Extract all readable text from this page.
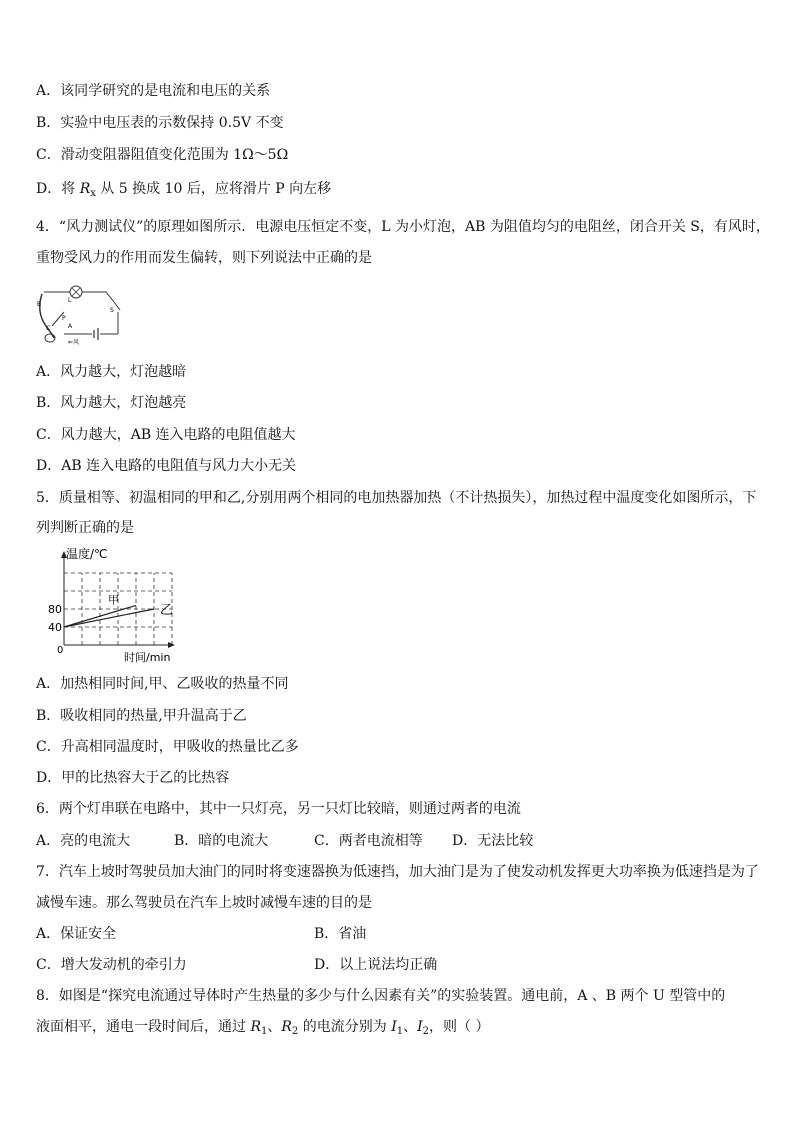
A．该同学研究的是电流和电压的关系
B．实验中电压表的示数保持 0.5V 不变
C．滑动变阻器阻值变化范围为 1Ω～5Ω
D．将 $R_x$ 从 5 换成 10 后，应将滑片 P 向左移
4．“风力测试仪”的原理如图所示．电源电压恒定不变，L 为小灯泡，AB 为阻值均匀的电阻丝，闭合开关 S，有风时，
重物受风力的作用而发生偏转，则下列说法中正确的是
B
L
S
P
C	A
⇐风
A．风力越大，灯泡越暗
B．风力越大，灯泡越亮
C．风力越大，AB 连入电路的电阻值越大
D．AB 连入电路的电阻值与风力大小无关
5．质量相等、初温相同的甲和乙,分别用两个相同的电加热器加热（不计热损失），加热过程中温度变化如图所示，下
列判断正确的是
温度/℃
时间/min
0
40
80
甲
乙
A．加热相同时间,甲、乙吸收的热量不同
B．吸收相同的热量,甲升温高于乙
C．升高相同温度时，甲吸收的热量比乙多
D．甲的比热容大于乙的比热容
6．两个灯串联在电路中，其中一只灯亮，另一只灯比较暗，则通过两者的电流
A．亮的电流大	B．暗的电流大	C．两者电流相等 D．无法比较
7．汽车上坡时驾驶员加大油门的同时将变速器换为低速挡，加大油门是为了使发动机发挥更大功率换为低速挡是为了
减慢车速。那么驾驶员在汽车上坡时减慢车速的目的是
A．保证安全	B．省油
C．增大发动机的牵引力	D．以上说法均正确
8．如图是“探究电流通过导体时产生热量的多少与什么因素有关”的实验装置。通电前，A 、B 两个 U 型管中的
液面相平，通电一段时间后，通过 $R_1$、$R_2$ 的电流分别为 $I_1$、$I_2$，则（ ）
